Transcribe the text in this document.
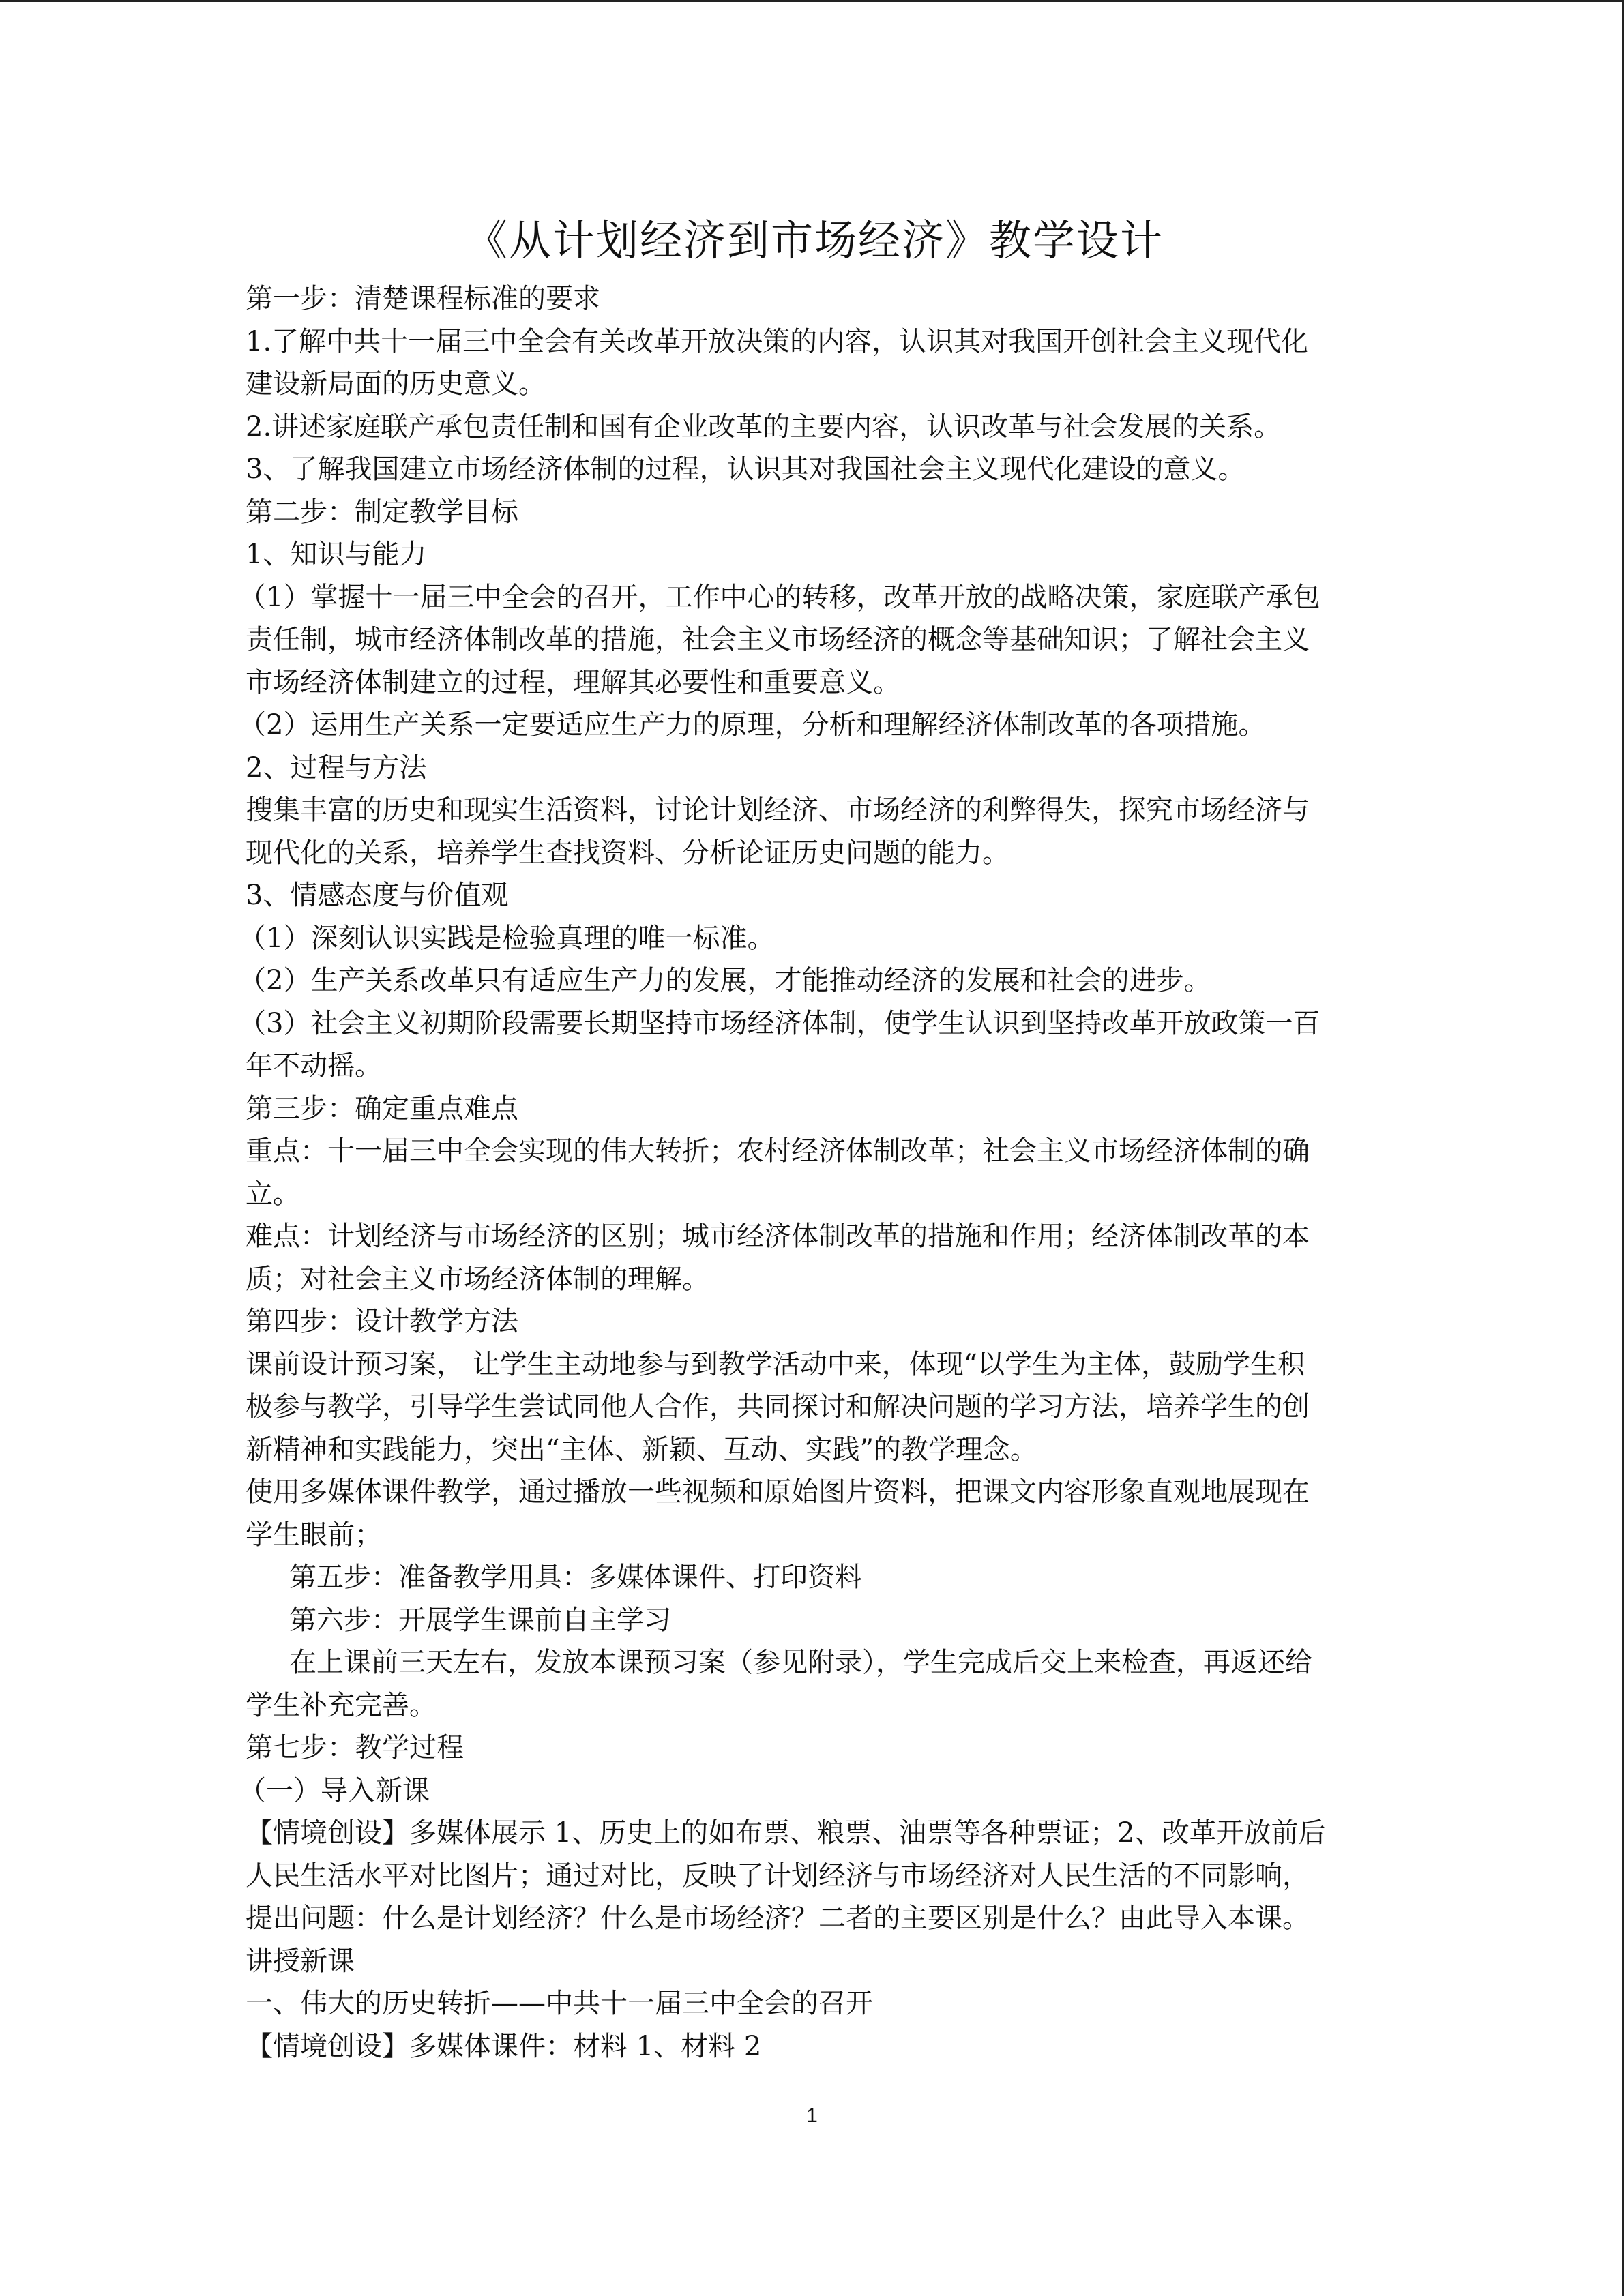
《从计划经济到市场经济》教学设计

第一步：清楚课程标准的要求

1.了解中共十一届三中全会有关改革开放决策的内容，认识其对我国开创社会主义现代化

建设新局面的历史意义。

2.讲述家庭联产承包责任制和国有企业改革的主要内容，认识改革与社会发展的关系。

3、了解我国建立市场经济体制的过程，认识其对我国社会主义现代化建设的意义。

第二步：制定教学目标

1、知识与能力

（1）掌握十一届三中全会的召开，工作中心的转移，改革开放的战略决策，家庭联产承包

责任制，城市经济体制改革的措施，社会主义市场经济的概念等基础知识；了解社会主义

市场经济体制建立的过程，理解其必要性和重要意义。

（2）运用生产关系一定要适应生产力的原理，分析和理解经济体制改革的各项措施。

2、过程与方法

搜集丰富的历史和现实生活资料，讨论计划经济、市场经济的利弊得失，探究市场经济与

现代化的关系，培养学生查找资料、分析论证历史问题的能力。

3、情感态度与价值观

（1）深刻认识实践是检验真理的唯一标准。

（2）生产关系改革只有适应生产力的发展，才能推动经济的发展和社会的进步。

（3）社会主义初期阶段需要长期坚持市场经济体制，使学生认识到坚持改革开放政策一百

年不动摇。

第三步：确定重点难点

重点：十一届三中全会实现的伟大转折；农村经济体制改革；社会主义市场经济体制的确

立。

难点：计划经济与市场经济的区别；城市经济体制改革的措施和作用；经济体制改革的本

质；对社会主义市场经济体制的理解。

第四步：设计教学方法

课前设计预习案， 让学生主动地参与到教学活动中来，体现“以学生为主体，鼓励学生积

极参与教学，引导学生尝试同他人合作，共同探讨和解决问题的学习方法，培养学生的创

新精神和实践能力，突出“主体、新颖、互动、实践”的教学理念。

使用多媒体课件教学，通过播放一些视频和原始图片资料，把课文内容形象直观地展现在

学生眼前；

第五步：准备教学用具：多媒体课件、打印资料

第六步：开展学生课前自主学习

在上课前三天左右，发放本课预习案（参见附录），学生完成后交上来检查，再返还给

学生补充完善。

第七步：教学过程

（一）导入新课

【情境创设】多媒体展示 1、历史上的如布票、粮票、油票等各种票证；2、改革开放前后

人民生活水平对比图片；通过对比，反映了计划经济与市场经济对人民生活的不同影响，

提出问题：什么是计划经济？什么是市场经济？二者的主要区别是什么？由此导入本课。

讲授新课

一、伟大的历史转折——中共十一届三中全会的召开

【情境创设】多媒体课件：材料 1、材料 2

1
